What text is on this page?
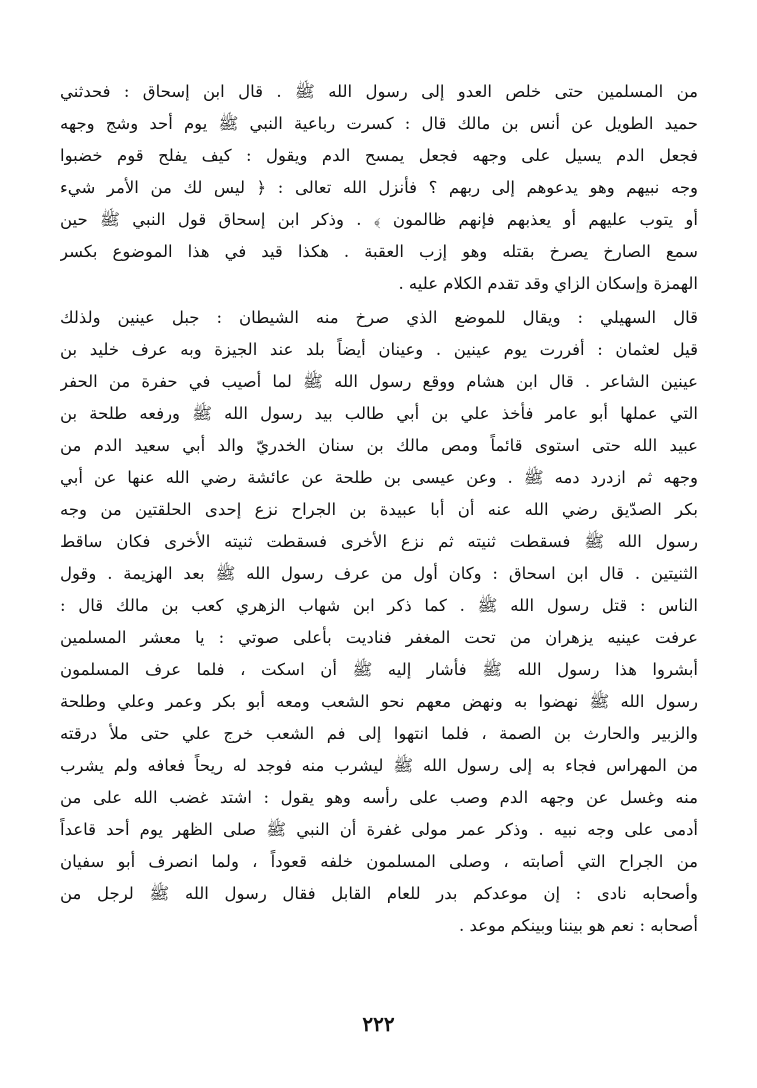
من المسلمين حتى خلص العدو إلى رسول الله ﷺ . قال ابن إسحاق : فحدثني
حميد الطويل عن أنس بن مالك قال : كسرت رباعية النبي ﷺ يوم أحد وشج وجهه
فجعل الدم يسيل على وجهه فجعل يمسح الدم ويقول : كيف يفلح قوم خضبوا
وجه نبيهم وهو يدعوهم إلى ربهم ؟ فأنزل الله تعالى : ﴿ ليس لك من الأمر شيء
أو يتوب عليهم أو يعذبهم فإنهم ظالمون ﴾ . وذكر ابن إسحاق قول النبي ﷺ حين
سمع الصارخ يصرخ بقتله وهو إزب العقبة . هكذا قيد في هذا الموضوع بكسر
الهمزة وإسكان الزاي وقد تقدم الكلام عليه .
قال السهيلي : ويقال للموضع الذي صرخ منه الشيطان : جبل عينين ولذلك
قيل لعثمان : أفررت يوم عينين . وعينان أيضاً بلد عند الجيزة وبه عرف خليد بن
عينين الشاعر . قال ابن هشام ووقع رسول الله ﷺ لما أصيب في حفرة من الحفر
التي عملها أبو عامر فأخذ علي بن أبي طالب بيد رسول الله ﷺ ورفعه طلحة بن
عبيد الله حتى استوى قائماً ومص مالك بن سنان الخدريّ والد أبي سعيد الدم من
وجهه ثم ازدرد دمه ﷺ . وعن عيسى بن طلحة عن عائشة رضي الله عنها عن أبي
بكر الصدّيق رضي الله عنه أن أبا عبيدة بن الجراح نزع إحدى الحلقتين من وجه
رسول الله ﷺ فسقطت ثنيته ثم نزع الأخرى فسقطت ثنيته الأخرى فكان ساقط
الثنيتين . قال ابن اسحاق : وكان أول من عرف رسول الله ﷺ بعد الهزيمة . وقول
الناس : قتل رسول الله ﷺ . كما ذكر ابن شهاب الزهري كعب بن مالك قال :
عرفت عينيه يزهران من تحت المغفر فناديت بأعلى صوتي : يا معشر المسلمين
أبشروا هذا رسول الله ﷺ فأشار إليه ﷺ أن اسكت ، فلما عرف المسلمون
رسول الله ﷺ نهضوا به ونهض معهم نحو الشعب ومعه أبو بكر وعمر وعلي وطلحة
والزبير والحارث بن الصمة ، فلما انتهوا إلى فم الشعب خرج علي حتى ملأ درقته
من المهراس فجاء به إلى رسول الله ﷺ ليشرب منه فوجد له ريحاً فعافه ولم يشرب
منه وغسل عن وجهه الدم وصب على رأسه وهو يقول : اشتد غضب الله على من
أدمى على وجه نبيه . وذكر عمر مولى غفرة أن النبي ﷺ صلى الظهر يوم أحد قاعداً
من الجراح التي أصابته ، وصلى المسلمون خلفه قعوداً ، ولما انصرف أبو سفيان
وأصحابه نادى : إن موعدكم بدر للعام القابل فقال رسول الله ﷺ لرجل من
أصحابه : نعم هو بيننا وبينكم موعد .
٢٢٢
